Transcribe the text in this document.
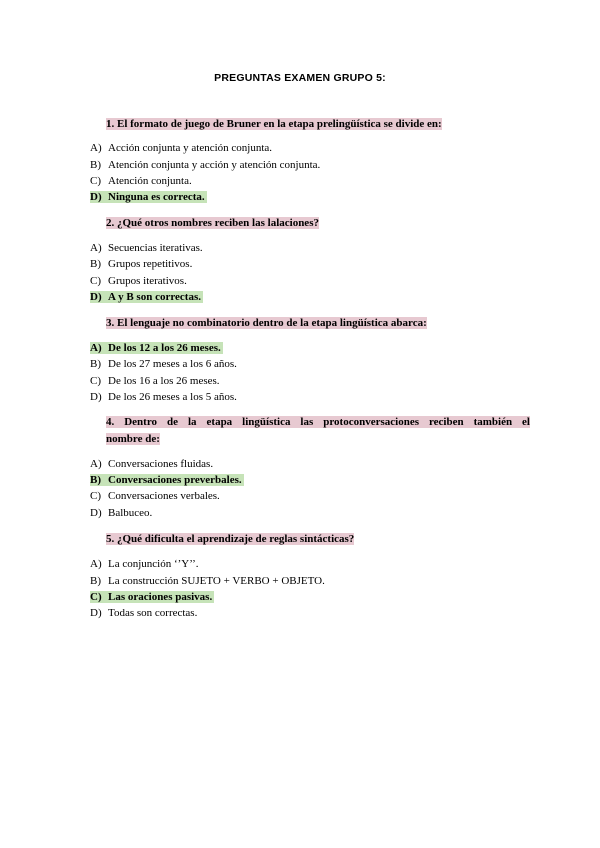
PREGUNTAS EXAMEN GRUPO 5:
1. El formato de juego de Bruner en la etapa prelingüística se divide en:
A) Acción conjunta y atención conjunta.
B) Atención conjunta y acción y atención conjunta.
C) Atención conjunta.
D) Ninguna es correcta.
2. ¿Qué otros nombres reciben las lalaciones?
A) Secuencias iterativas.
B) Grupos repetitivos.
C) Grupos iterativos.
D) A y B son correctas.
3. El lenguaje no combinatorio dentro de la etapa lingüística abarca:
A) De los 12 a los 26 meses.
B) De los 27 meses a los 6 años.
C) De los 16 a los 26 meses.
D) De los 26 meses a los 5 años.
4. Dentro de la etapa lingüística las protoconversaciones reciben también el
nombre de:
A) Conversaciones fluidas.
B) Conversaciones preverbales.
C) Conversaciones verbales.
D) Balbuceo.
5. ¿Qué dificulta el aprendizaje de reglas sintácticas?
A) La conjunción ‘’Y’’.
B) La construcción SUJETO + VERBO + OBJETO.
C) Las oraciones pasivas.
D) Todas son correctas.
